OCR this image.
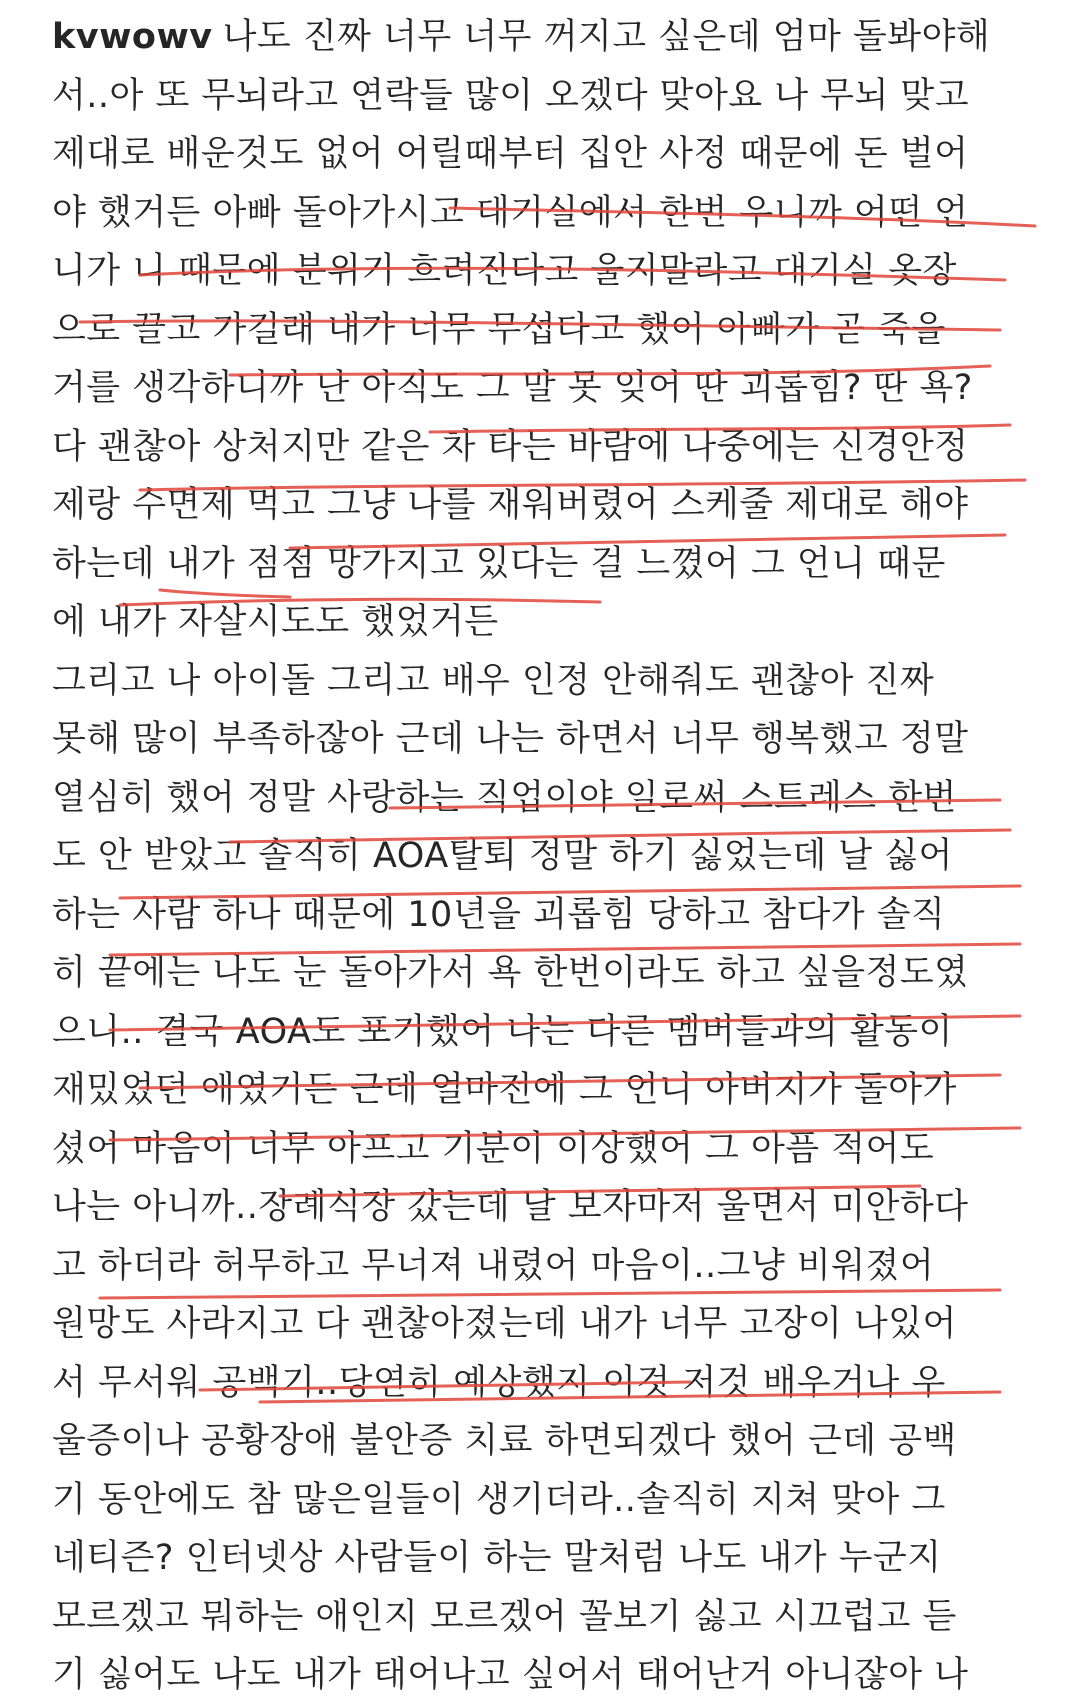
kvwowv 나도 진짜 너무 너무 꺼지고 싶은데 엄마 돌봐야해
서..아 또 무뇌라고 연락들 많이 오겠다 맞아요 나 무뇌 맞고
제대로 배운것도 없어 어릴때부터 집안 사정 때문에 돈 벌어
야 했거든 아빠 돌아가시고 대기실에서 한번 우니까 어떤 언
니가 니 때문에 분위기 흐려진다고 울지말라고 대기실 옷장
으로 끌고 가길래 내가 너무 무섭다고 했어 아빠가 곧 죽을
거를 생각하니까 난 아직도 그 말 못 잊어 딴 괴롭힘? 딴 욕?
다 괜찮아 상처지만 같은 차 타는 바람에 나중에는 신경안정
제랑 수면제 먹고 그냥 나를 재워버렸어 스케줄 제대로 해야
하는데 내가 점점 망가지고 있다는 걸 느꼈어 그 언니 때문
에 내가 자살시도도 했었거든
그리고 나 아이돌 그리고 배우 인정 안해줘도 괜찮아 진짜
못해 많이 부족하잖아 근데 나는 하면서 너무 행복했고 정말
열심히 했어 정말 사랑하는 직업이야 일로써 스트레스 한번
도 안 받았고 솔직히 AOA탈퇴 정말 하기 싫었는데 날 싫어
하는 사람 하나 때문에 10년을 괴롭힘 당하고 참다가 솔직
히 끝에는 나도 눈 돌아가서 욕 한번이라도 하고 싶을정도였
으니.. 결국 AOA도 포기했어 나는 다른 멤버들과의 활동이
재밌었던 애였거든 근데 얼마전에 그 언니 아버지가 돌아가
셨어 마음이 너무 아프고 기분이 이상했어 그 아픔 적어도
나는 아니까..장례식장 갔는데 날 보자마저 울면서 미안하다
고 하더라 허무하고 무너져 내렸어 마음이..그냥 비워졌어
원망도 사라지고 다 괜찮아졌는데 내가 너무 고장이 나있어
서 무서워 공백기..당연히 예상했지 이것 저것 배우거나 우
울증이나 공황장애 불안증 치료 하면되겠다 했어 근데 공백
기 동안에도 참 많은일들이 생기더라..솔직히 지쳐 맞아 그
네티즌? 인터넷상 사람들이 하는 말처럼 나도 내가 누군지
모르겠고 뭐하는 애인지 모르겠어 꼴보기 싫고 시끄럽고 듣
기 싫어도 나도 내가 태어나고 싶어서 태어난거 아니잖아 나
